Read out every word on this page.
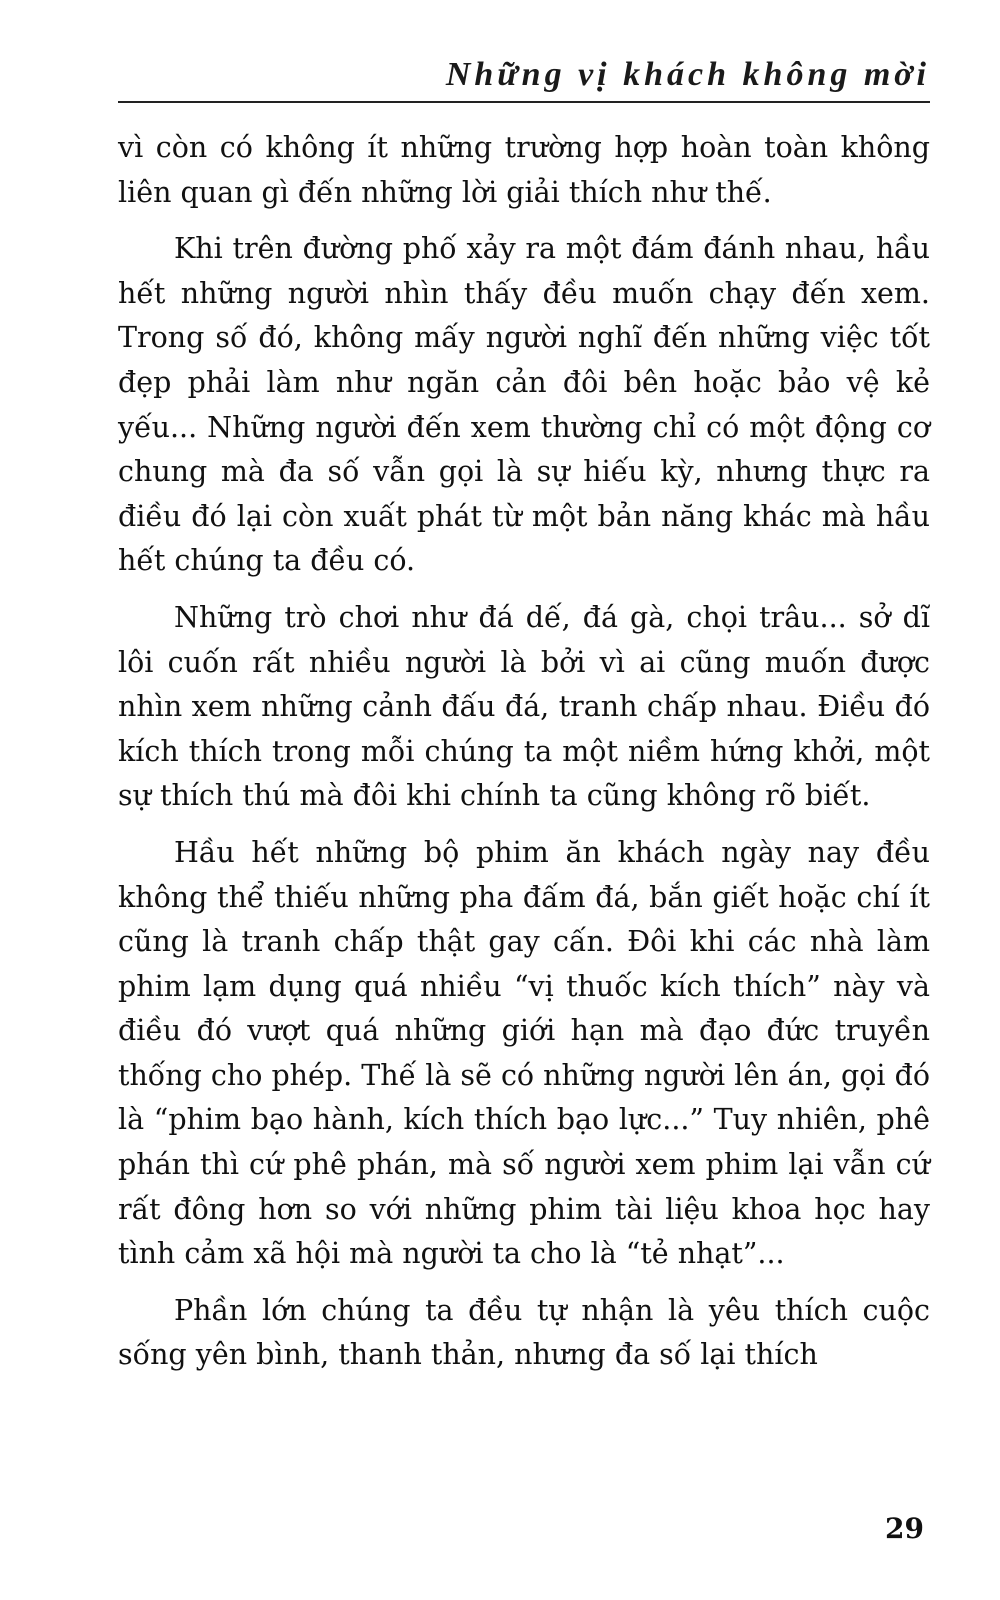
Những vị khách không mời

vì còn có không ít những trường hợp hoàn toàn không liên quan gì đến những lời giải thích như thế.

Khi trên đường phố xảy ra một đám đánh nhau, hầu hết những người nhìn thấy đều muốn chạy đến xem. Trong số đó, không mấy người nghĩ đến những việc tốt đẹp phải làm như ngăn cản đôi bên hoặc bảo vệ kẻ yếu... Những người đến xem thường chỉ có một động cơ chung mà đa số vẫn gọi là sự hiếu kỳ, nhưng thực ra điều đó lại còn xuất phát từ một bản năng khác mà hầu hết chúng ta đều có.

Những trò chơi như đá dế, đá gà, chọi trâu... sở dĩ lôi cuốn rất nhiều người là bởi vì ai cũng muốn được nhìn xem những cảnh đấu đá, tranh chấp nhau. Điều đó kích thích trong mỗi chúng ta một niềm hứng khởi, một sự thích thú mà đôi khi chính ta cũng không rõ biết.

Hầu hết những bộ phim ăn khách ngày nay đều không thể thiếu những pha đấm đá, bắn giết hoặc chí ít cũng là tranh chấp thật gay cấn. Đôi khi các nhà làm phim lạm dụng quá nhiều “vị thuốc kích thích” này và điều đó vượt quá những giới hạn mà đạo đức truyền thống cho phép. Thế là sẽ có những người lên án, gọi đó là “phim bạo hành, kích thích bạo lực...” Tuy nhiên, phê phán thì cứ phê phán, mà số người xem phim lại vẫn cứ rất đông hơn so với những phim tài liệu khoa học hay tình cảm xã hội mà người ta cho là “tẻ nhạt”...

Phần lớn chúng ta đều tự nhận là yêu thích cuộc sống yên bình, thanh thản, nhưng đa số lại thích

29
